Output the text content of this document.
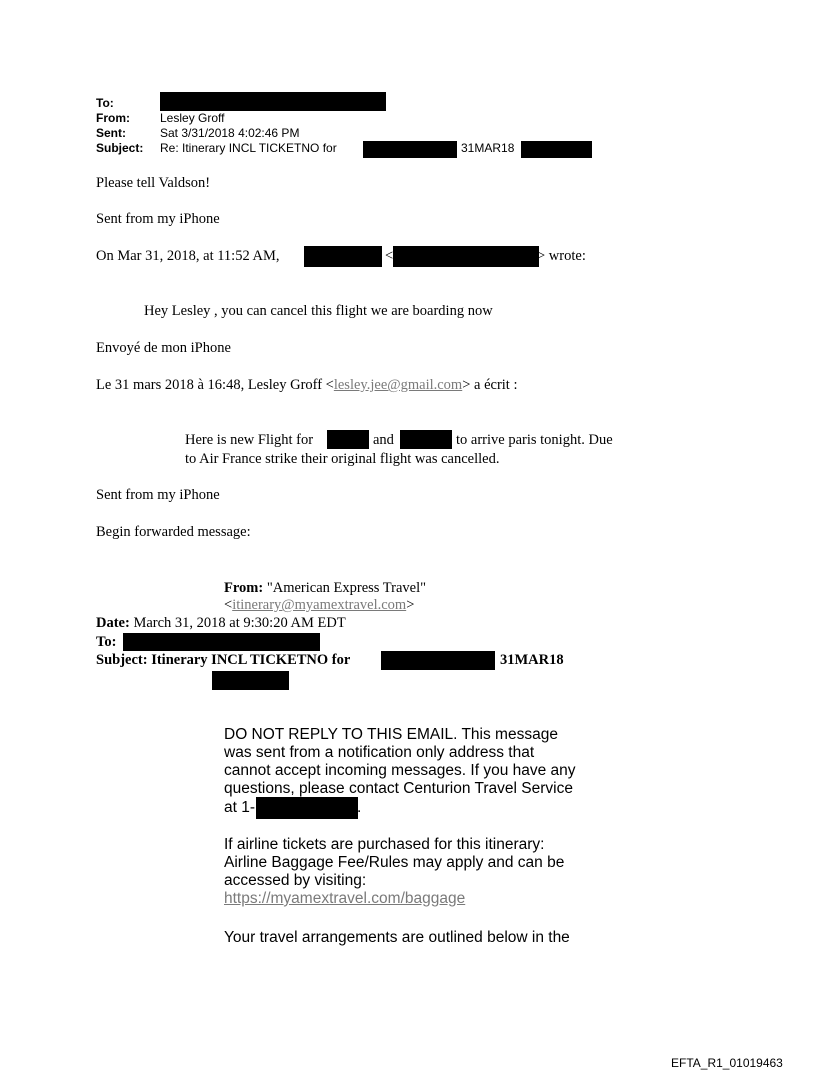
To:
From:	Lesley Groff
Sent:	Sat 3/31/2018 4:02:46 PM
Subject: Re: Itinerary INCL TICKETNO for	31MAR18
Please tell Valdson!
Sent from my iPhone
On Mar 31, 2018, at 11:52 AM,	<	> wrote:
Hey Lesley , you can cancel this flight we are boarding now
Envoyé de mon iPhone
Le 31 mars 2018 à 16:48, Lesley Groff <lesley.jee@gmail.com> a écrit :
Here is new Flight for	and	to arrive paris tonight. Due
to Air France strike their original flight was cancelled.
Sent from my iPhone
Begin forwarded message:
From: "American Express Travel"
<itinerary@myamextravel.com>
Date: March 31, 2018 at 9:30:20 AM EDT
To:
Subject: Itinerary INCL TICKETNO for	31MAR18
DO NOT REPLY TO THIS EMAIL. This message
was sent from a notification only address that
cannot accept incoming messages. If you have any
questions, please contact Centurion Travel Service
at 1-	.
If airline tickets are purchased for this itinerary:
Airline Baggage Fee/Rules may apply and can be
accessed by visiting:
https://myamextravel.com/baggage
Your travel arrangements are outlined below in the
EFTA_R1_01019463
